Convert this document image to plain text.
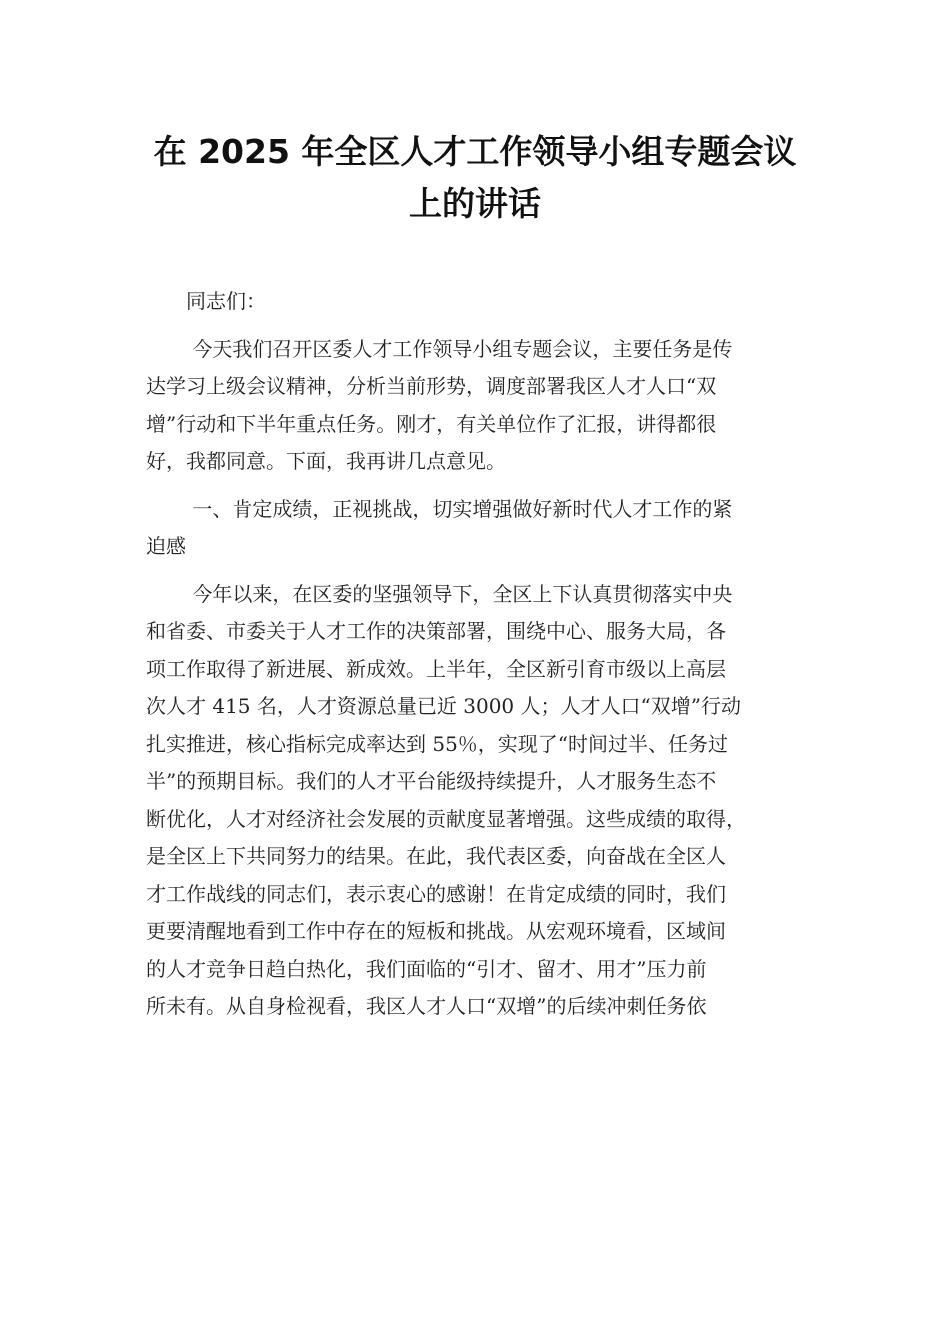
在 2025 年全区人才工作领导小组专题会议
上的讲话
　　同志们：
　　 今天我们召开区委人才工作领导小组专题会议，主要任务是传
达学习上级会议精神，分析当前形势，调度部署我区人才人口“双
增”行动和下半年重点任务。刚才，有关单位作了汇报，讲得都很
好，我都同意。下面，我再讲几点意见。
　　 一、肯定成绩，正视挑战，切实增强做好新时代人才工作的紧
迫感
　　 今年以来，在区委的坚强领导下，全区上下认真贯彻落实中央
和省委、市委关于人才工作的决策部署，围绕中心、服务大局，各
项工作取得了新进展、新成效。上半年，全区新引育市级以上高层
次人才 415 名，人才资源总量已近 3000 人；人才人口“双增”行动
扎实推进，核心指标完成率达到 55％，实现了“时间过半、任务过
半”的预期目标。我们的人才平台能级持续提升，人才服务生态不
断优化，人才对经济社会发展的贡献度显著增强。这些成绩的取得，
是全区上下共同努力的结果。在此，我代表区委，向奋战在全区人
才工作战线的同志们，表示衷心的感谢！在肯定成绩的同时，我们
更要清醒地看到工作中存在的短板和挑战。从宏观环境看，区域间
的人才竞争日趋白热化，我们面临的“引才、留才、用才”压力前
所未有。从自身检视看，我区人才人口“双增”的后续冲刺任务依
